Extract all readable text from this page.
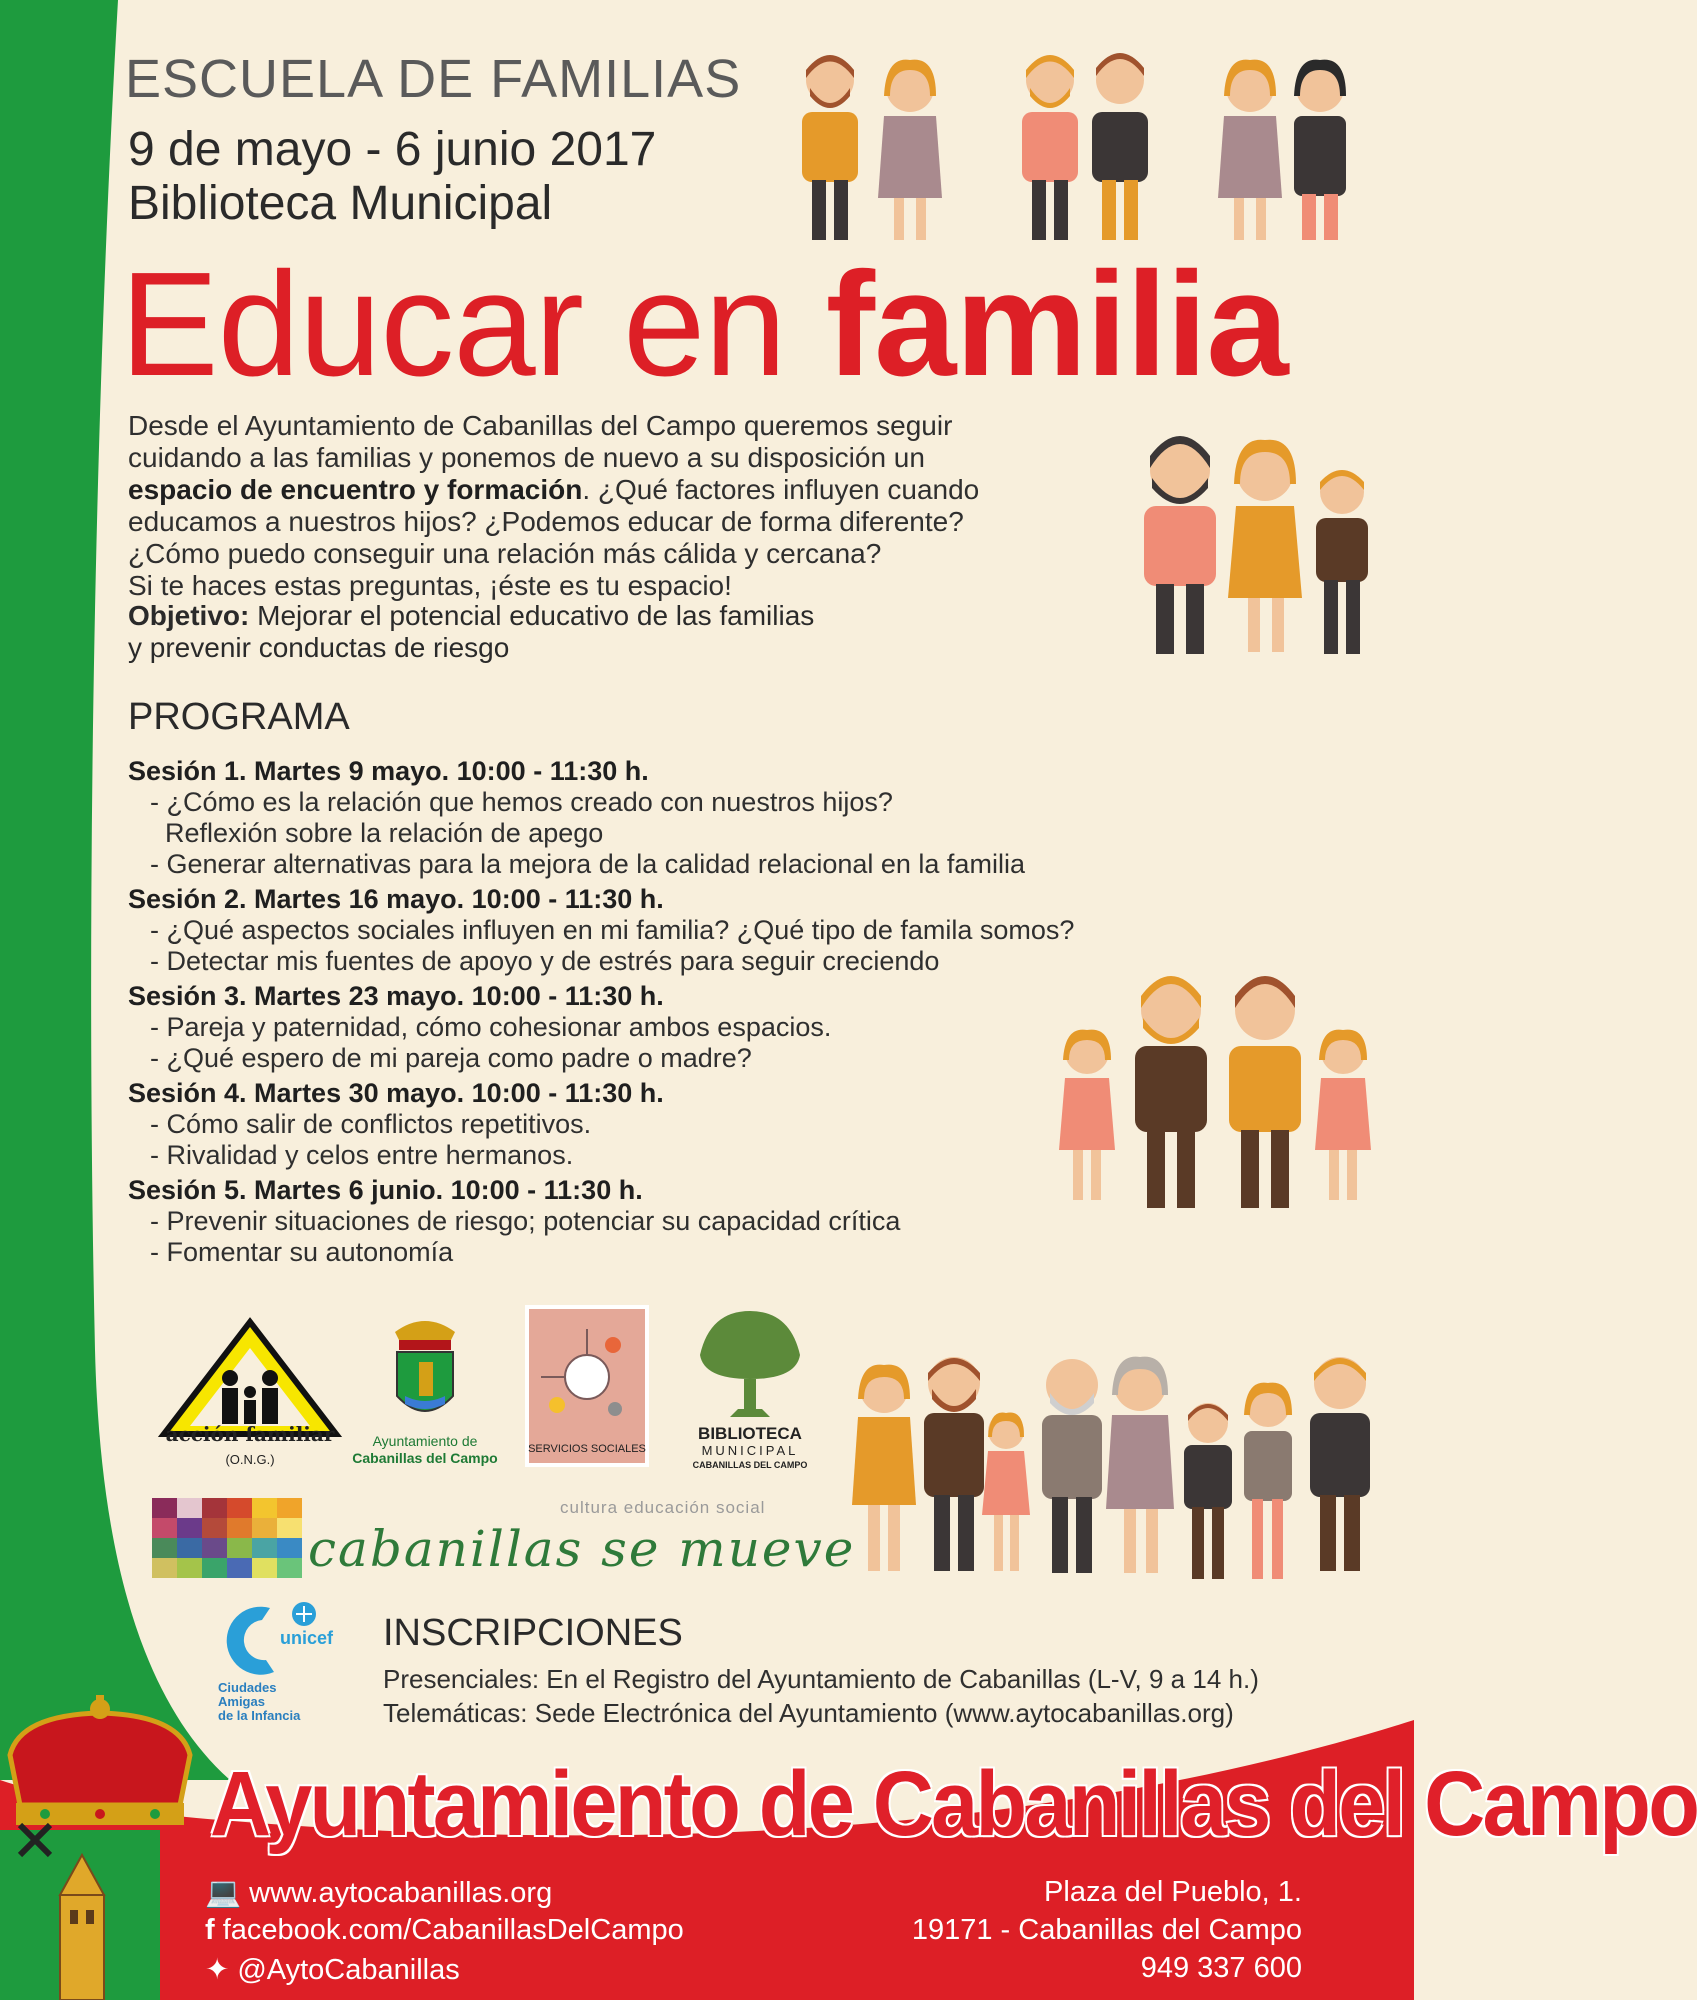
ESCUELA DE FAMILIAS
9 de mayo - 6 junio 2017
Biblioteca Municipal
Educar en familia
Desde el Ayuntamiento de Cabanillas del Campo queremos seguir
cuidando a las familias y ponemos de nuevo a su disposición un
espacio de encuentro y formación. ¿Qué factores influyen cuando
educamos a nuestros hijos? ¿Podemos educar de forma diferente?
¿Cómo puedo conseguir una relación más cálida y cercana?
Si te haces estas preguntas, ¡éste es tu espacio!
Objetivo: Mejorar el potencial educativo de las familias
y prevenir conductas de riesgo
PROGRAMA
Sesión 1. Martes 9 mayo. 10:00 - 11:30 h.
- ¿Cómo es la relación que hemos creado con nuestros hijos?
Reflexión sobre la relación de apego
- Generar alternativas para la mejora de la calidad relacional en la familia
Sesión 2. Martes 16 mayo. 10:00 - 11:30 h.
- ¿Qué aspectos sociales influyen en mi familia? ¿Qué tipo de famila somos?
- Detectar mis fuentes de apoyo y de estrés para seguir creciendo
Sesión 3. Martes 23 mayo. 10:00 - 11:30 h.
- Pareja y paternidad, cómo cohesionar ambos espacios.
- ¿Qué espero de mi pareja como padre o madre?
Sesión 4. Martes 30 mayo. 10:00 - 11:30 h.
- Cómo salir de conflictos repetitivos.
- Rivalidad y celos entre hermanos.
Sesión 5. Martes 6 junio. 10:00 - 11:30 h.
- Prevenir situaciones de riesgo; potenciar su capacidad crítica
- Fomentar su autonomía
acción familiar
(O.N.G.)
Ayuntamiento de
Cabanillas del Campo
SERVICIOS SOCIALES
BIBLIOTECA
MUNICIPAL
CABANILLAS DEL CAMPO
cultura educación social
cabanillas se mueve
unicef
Ciudades
Amigas
de la Infancia
INSCRIPCIONES
Presenciales: En el Registro del Ayuntamiento de Cabanillas (L-V, 9 a 14 h.)
Telemáticas: Sede Electrónica del Ayuntamiento (www.aytocabanillas.org)
Ayuntamiento de Cabanillas del Campo
💻 www.aytocabanillas.org
f facebook.com/CabanillasDelCampo
✦ @AytoCabanillas
Plaza del Pueblo, 1.
19171 - Cabanillas del Campo
949 337 600
